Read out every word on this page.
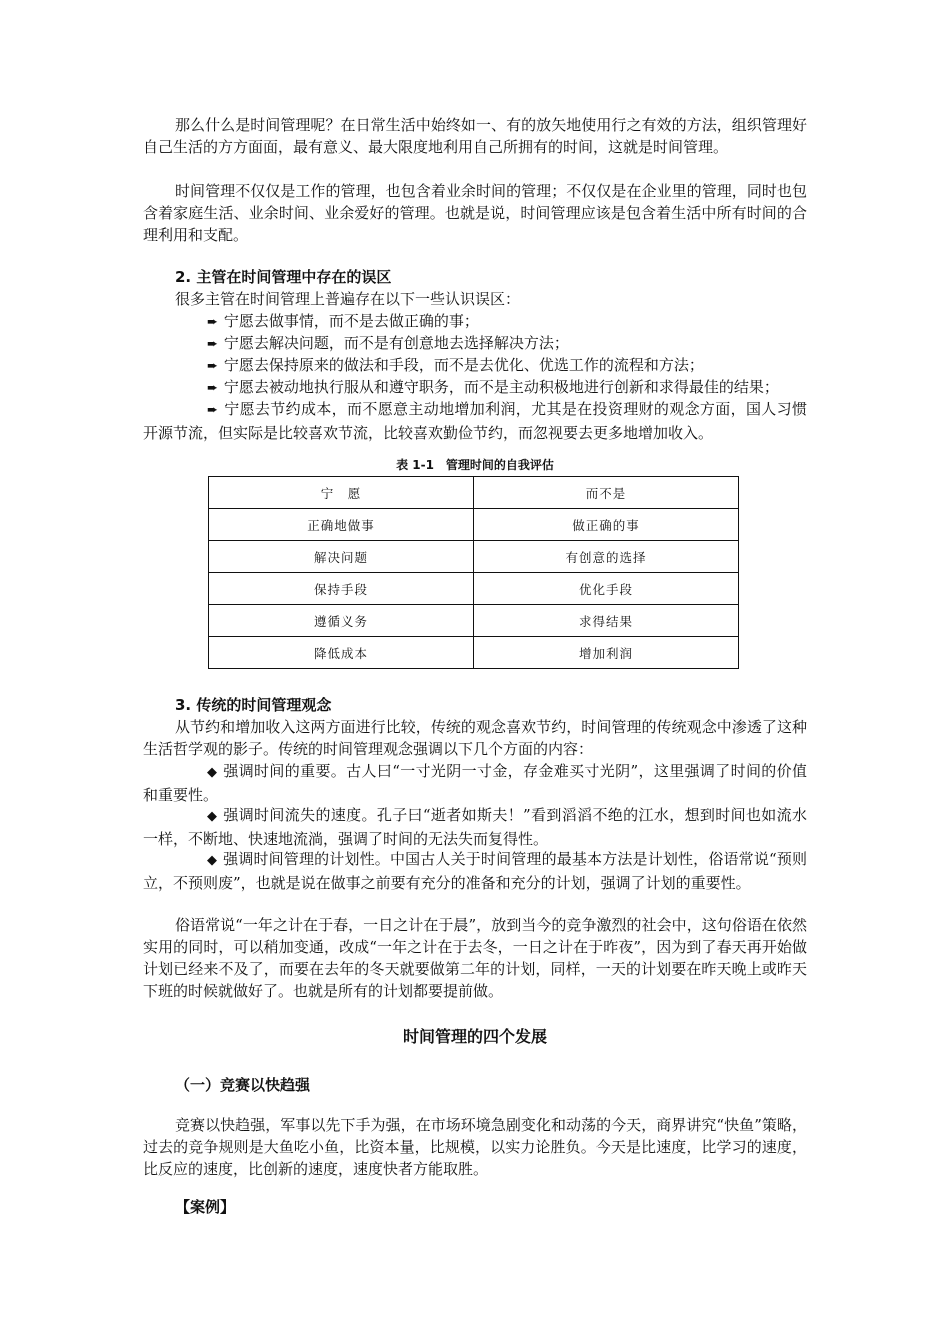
那么什么是时间管理呢？在日常生活中始终如一、有的放矢地使用行之有效的方法，组织管理好自己生活的方方面面，最有意义、最大限度地利用自己所拥有的时间，这就是时间管理。

时间管理不仅仅是工作的管理，也包含着业余时间的管理；不仅仅是在企业里的管理，同时也包含着家庭生活、业余时间、业余爱好的管理。也就是说，时间管理应该是包含着生活中所有时间的合理利用和支配。

2. 主管在时间管理中存在的误区

很多主管在时间管理上普遍存在以下一些认识误区：

➨ 宁愿去做事情，而不是去做正确的事；

➨ 宁愿去解决问题，而不是有创意地去选择解决方法；

➨ 宁愿去保持原来的做法和手段，而不是去优化、优选工作的流程和方法；

➨ 宁愿去被动地执行服从和遵守职务，而不是主动积极地进行创新和求得最佳的结果；

➨ 宁愿去节约成本，而不愿意主动地增加利润，尤其是在投资理财的观念方面，国人习惯开源节流，但实际是比较喜欢节流，比较喜欢勤俭节约，而忽视要去更多地增加收入。

表 1-1　管理时间的自我评估
宁　愿	而不是
正确地做事	做正确的事
解决问题	有创意的选择
保持手段	优化手段
遵循义务	求得结果
降低成本	增加利润

3. 传统的时间管理观念

从节约和增加收入这两方面进行比较，传统的观念喜欢节约，时间管理的传统观念中渗透了这种生活哲学观的影子。传统的时间管理观念强调以下几个方面的内容：

◆ 强调时间的重要。古人曰“一寸光阴一寸金，存金难买寸光阴”，这里强调了时间的价值和重要性。

◆ 强调时间流失的速度。孔子曰“逝者如斯夫！”看到滔滔不绝的江水，想到时间也如流水一样，不断地、快速地流淌，强调了时间的无法失而复得性。

◆ 强调时间管理的计划性。中国古人关于时间管理的最基本方法是计划性，俗语常说“预则立，不预则废”，也就是说在做事之前要有充分的准备和充分的计划，强调了计划的重要性。

俗语常说“一年之计在于春，一日之计在于晨”，放到当今的竞争激烈的社会中，这句俗语在依然实用的同时，可以稍加变通，改成“一年之计在于去冬，一日之计在于昨夜”，因为到了春天再开始做计划已经来不及了，而要在去年的冬天就要做第二年的计划，同样，一天的计划要在昨天晚上或昨天下班的时候就做好了。也就是所有的计划都要提前做。

时间管理的四个发展

（一）竞赛以快趋强

竞赛以快趋强，军事以先下手为强，在市场环境急剧变化和动荡的今天，商界讲究“快鱼”策略，过去的竞争规则是大鱼吃小鱼，比资本量，比规模，以实力论胜负。今天是比速度，比学习的速度，比反应的速度，比创新的速度，速度快者方能取胜。

【案例】
